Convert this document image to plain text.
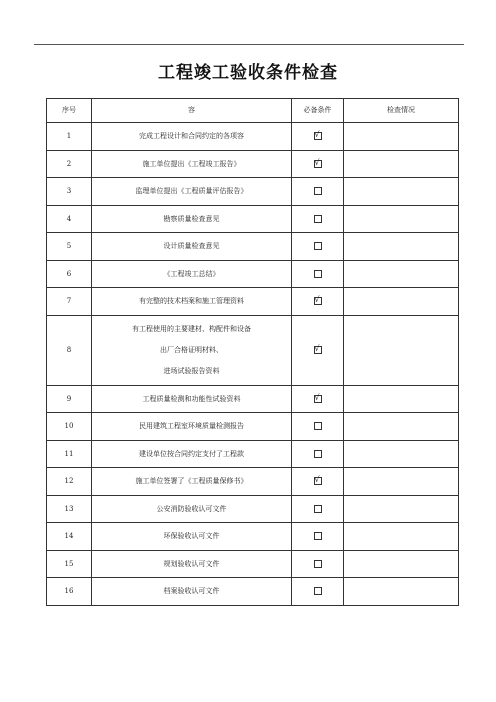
工程竣工验收条件检查
序号	容	必备条件	检查情况
1	完成工程设计和合同约定的各项容	√	

2	施工单位提出《工程竣工报告》	√	

3	监理单位提出《工程质量评估报告》		
4	勘察质量检查意见		
5	设计质量检查意见		
6	《工程竣工总结》		
7	有完整的技术档案和施工管理资料	√	

8	有工程使用的主要建材、构配件和设备
出厂合格证明材料、
进场试验报告资料	√	

9	工程质量检测和功能性试验资料	√	

10	民用建筑工程室环境质量检测报告		
11	建设单位按合同约定支付了工程款		
12	施工单位签署了《工程质量保修书》	√	

13	公安消防验收认可文件		
14	环保验收认可文件		
15	规划验收认可文件		
16	档案验收认可文件		
